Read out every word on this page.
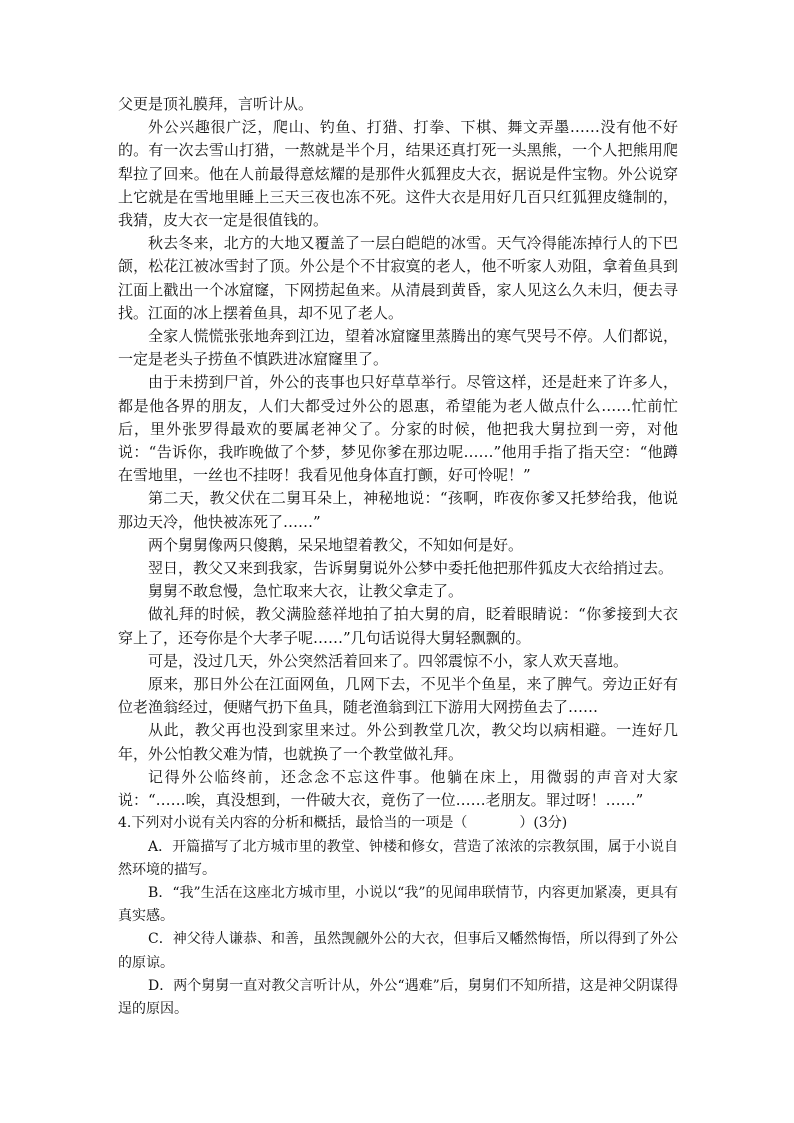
父更是顶礼膜拜，言听计从。

外公兴趣很广泛，爬山、钓鱼、打猎、打拳、下棋、舞文弄墨……没有他不好的。有一次去雪山打猎，一熬就是半个月，结果还真打死一头黑熊，一个人把熊用爬犁拉了回来。他在人前最得意炫耀的是那件火狐狸皮大衣，据说是件宝物。外公说穿上它就是在雪地里睡上三天三夜也冻不死。这件大衣是用好几百只红狐狸皮缝制的，我猜，皮大衣一定是很值钱的。

秋去冬来，北方的大地又覆盖了一层白皑皑的冰雪。天气冷得能冻掉行人的下巴颌，松花江被冰雪封了顶。外公是个不甘寂寞的老人，他不听家人劝阻，拿着鱼具到江面上戳出一个冰窟窿，下网捞起鱼来。从清晨到黄昏，家人见这么久未归，便去寻找。江面的冰上摆着鱼具，却不见了老人。

全家人慌慌张张地奔到江边，望着冰窟窿里蒸腾出的寒气哭号不停。人们都说，一定是老头子捞鱼不慎跌进冰窟窿里了。

由于未捞到尸首，外公的丧事也只好草草举行。尽管这样，还是赶来了许多人，都是他各界的朋友，人们大都受过外公的恩惠，希望能为老人做点什么……忙前忙后，里外张罗得最欢的要属老神父了。分家的时候，他把我大舅拉到一旁，对他说：“告诉你，我昨晚做了个梦，梦见你爹在那边呢……”他用手指了指天空：“他蹲在雪地里，一丝也不挂呀！我看见他身体直打颤，好可怜呢！”

第二天，教父伏在二舅耳朵上，神秘地说：“孩啊，昨夜你爹又托梦给我，他说那边天冷，他快被冻死了……”

两个舅舅像两只傻鹅，呆呆地望着教父，不知如何是好。

翌日，教父又来到我家，告诉舅舅说外公梦中委托他把那件狐皮大衣给捎过去。

舅舅不敢怠慢，急忙取来大衣，让教父拿走了。

做礼拜的时候，教父满脸慈祥地拍了拍大舅的肩，眨着眼睛说：“你爹接到大衣穿上了，还夸你是个大孝子呢……”几句话说得大舅轻飘飘的。

可是，没过几天，外公突然活着回来了。四邻震惊不小，家人欢天喜地。

原来，那日外公在江面网鱼，几网下去，不见半个鱼星，来了脾气。旁边正好有位老渔翁经过，便赌气扔下鱼具，随老渔翁到江下游用大网捞鱼去了……

从此，教父再也没到家里来过。外公到教堂几次，教父均以病相避。一连好几年，外公怕教父难为情，也就换了一个教堂做礼拜。

记得外公临终前，还念念不忘这件事。他躺在床上，用微弱的声音对大家说：“……唉，真没想到，一件破大衣，竟伤了一位……老朋友。罪过呀！……”

4.下列对小说有关内容的分析和概括，最恰当的一项是（	）(3分)

A．开篇描写了北方城市里的教堂、钟楼和修女，营造了浓浓的宗教氛围，属于小说自然环境的描写。

B．“我”生活在这座北方城市里，小说以“我”的见闻串联情节，内容更加紧凑，更具有真实感。

C．神父待人谦恭、和善，虽然觊觎外公的大衣，但事后又幡然悔悟，所以得到了外公的原谅。

D．两个舅舅一直对教父言听计从，外公“遇难”后，舅舅们不知所措，这是神父阴谋得逞的原因。
